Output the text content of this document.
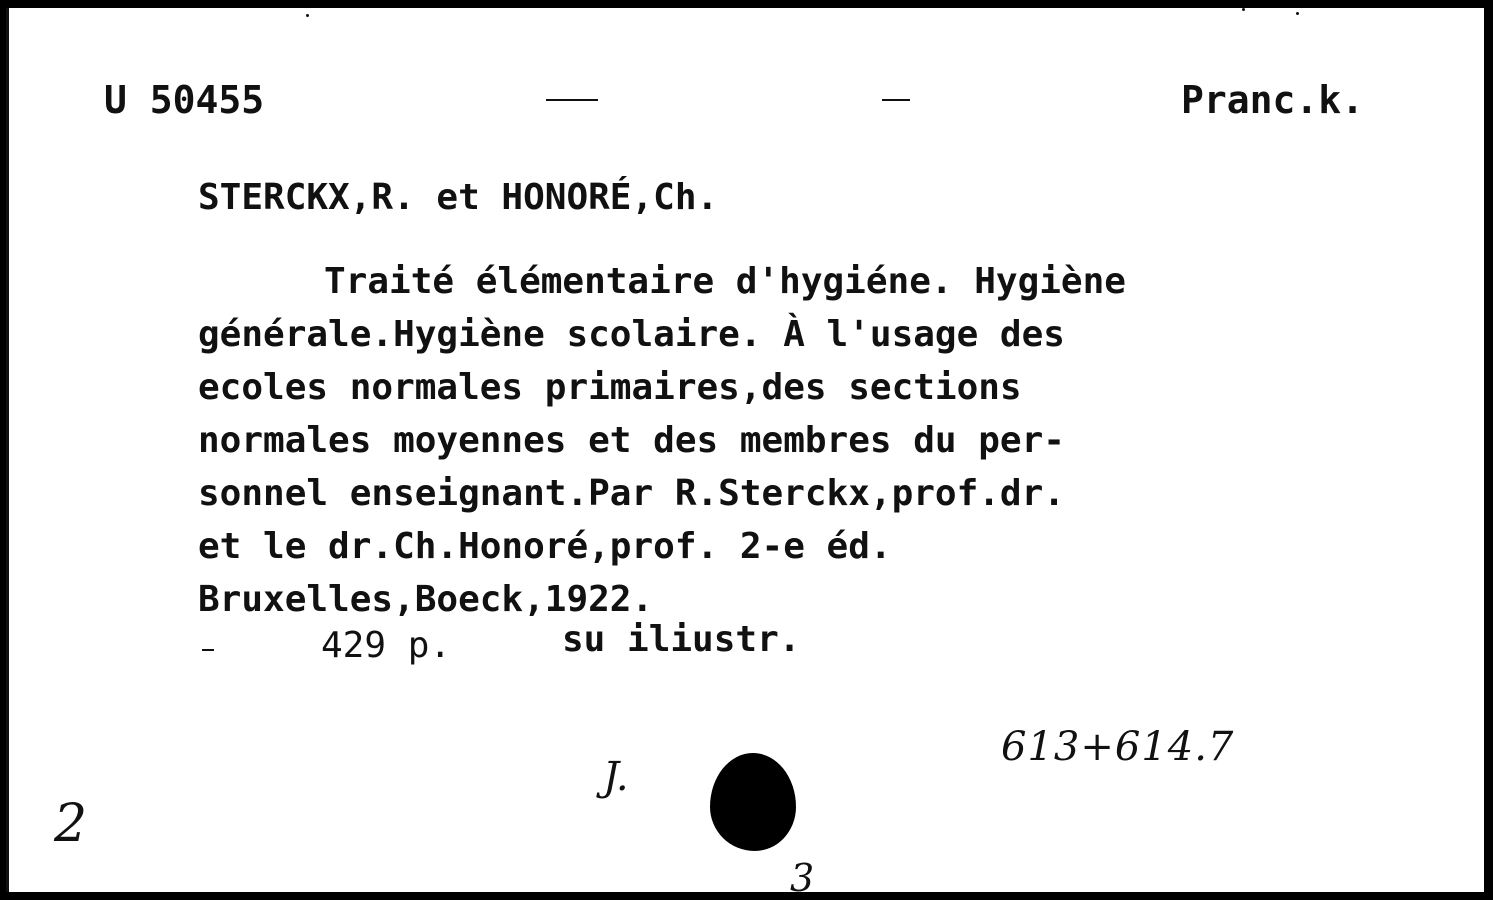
U 50455	Pranc.k.
STERCKX,R. et HONORÉ,Ch.
Traité élémentaire d'hygiéne. Hygiène
générale.Hygiène scolaire. À l'usage des
ecoles normales primaires,des sections
normales moyennes et des membres du per-
sonnel enseignant.Par R.Sterckx,prof.dr.
et le dr.Ch.Honoré,prof. 2-e éd.
Bruxelles,Boeck,1922.
429 p.	su iliustr.
613+614.7
J.
2
3
